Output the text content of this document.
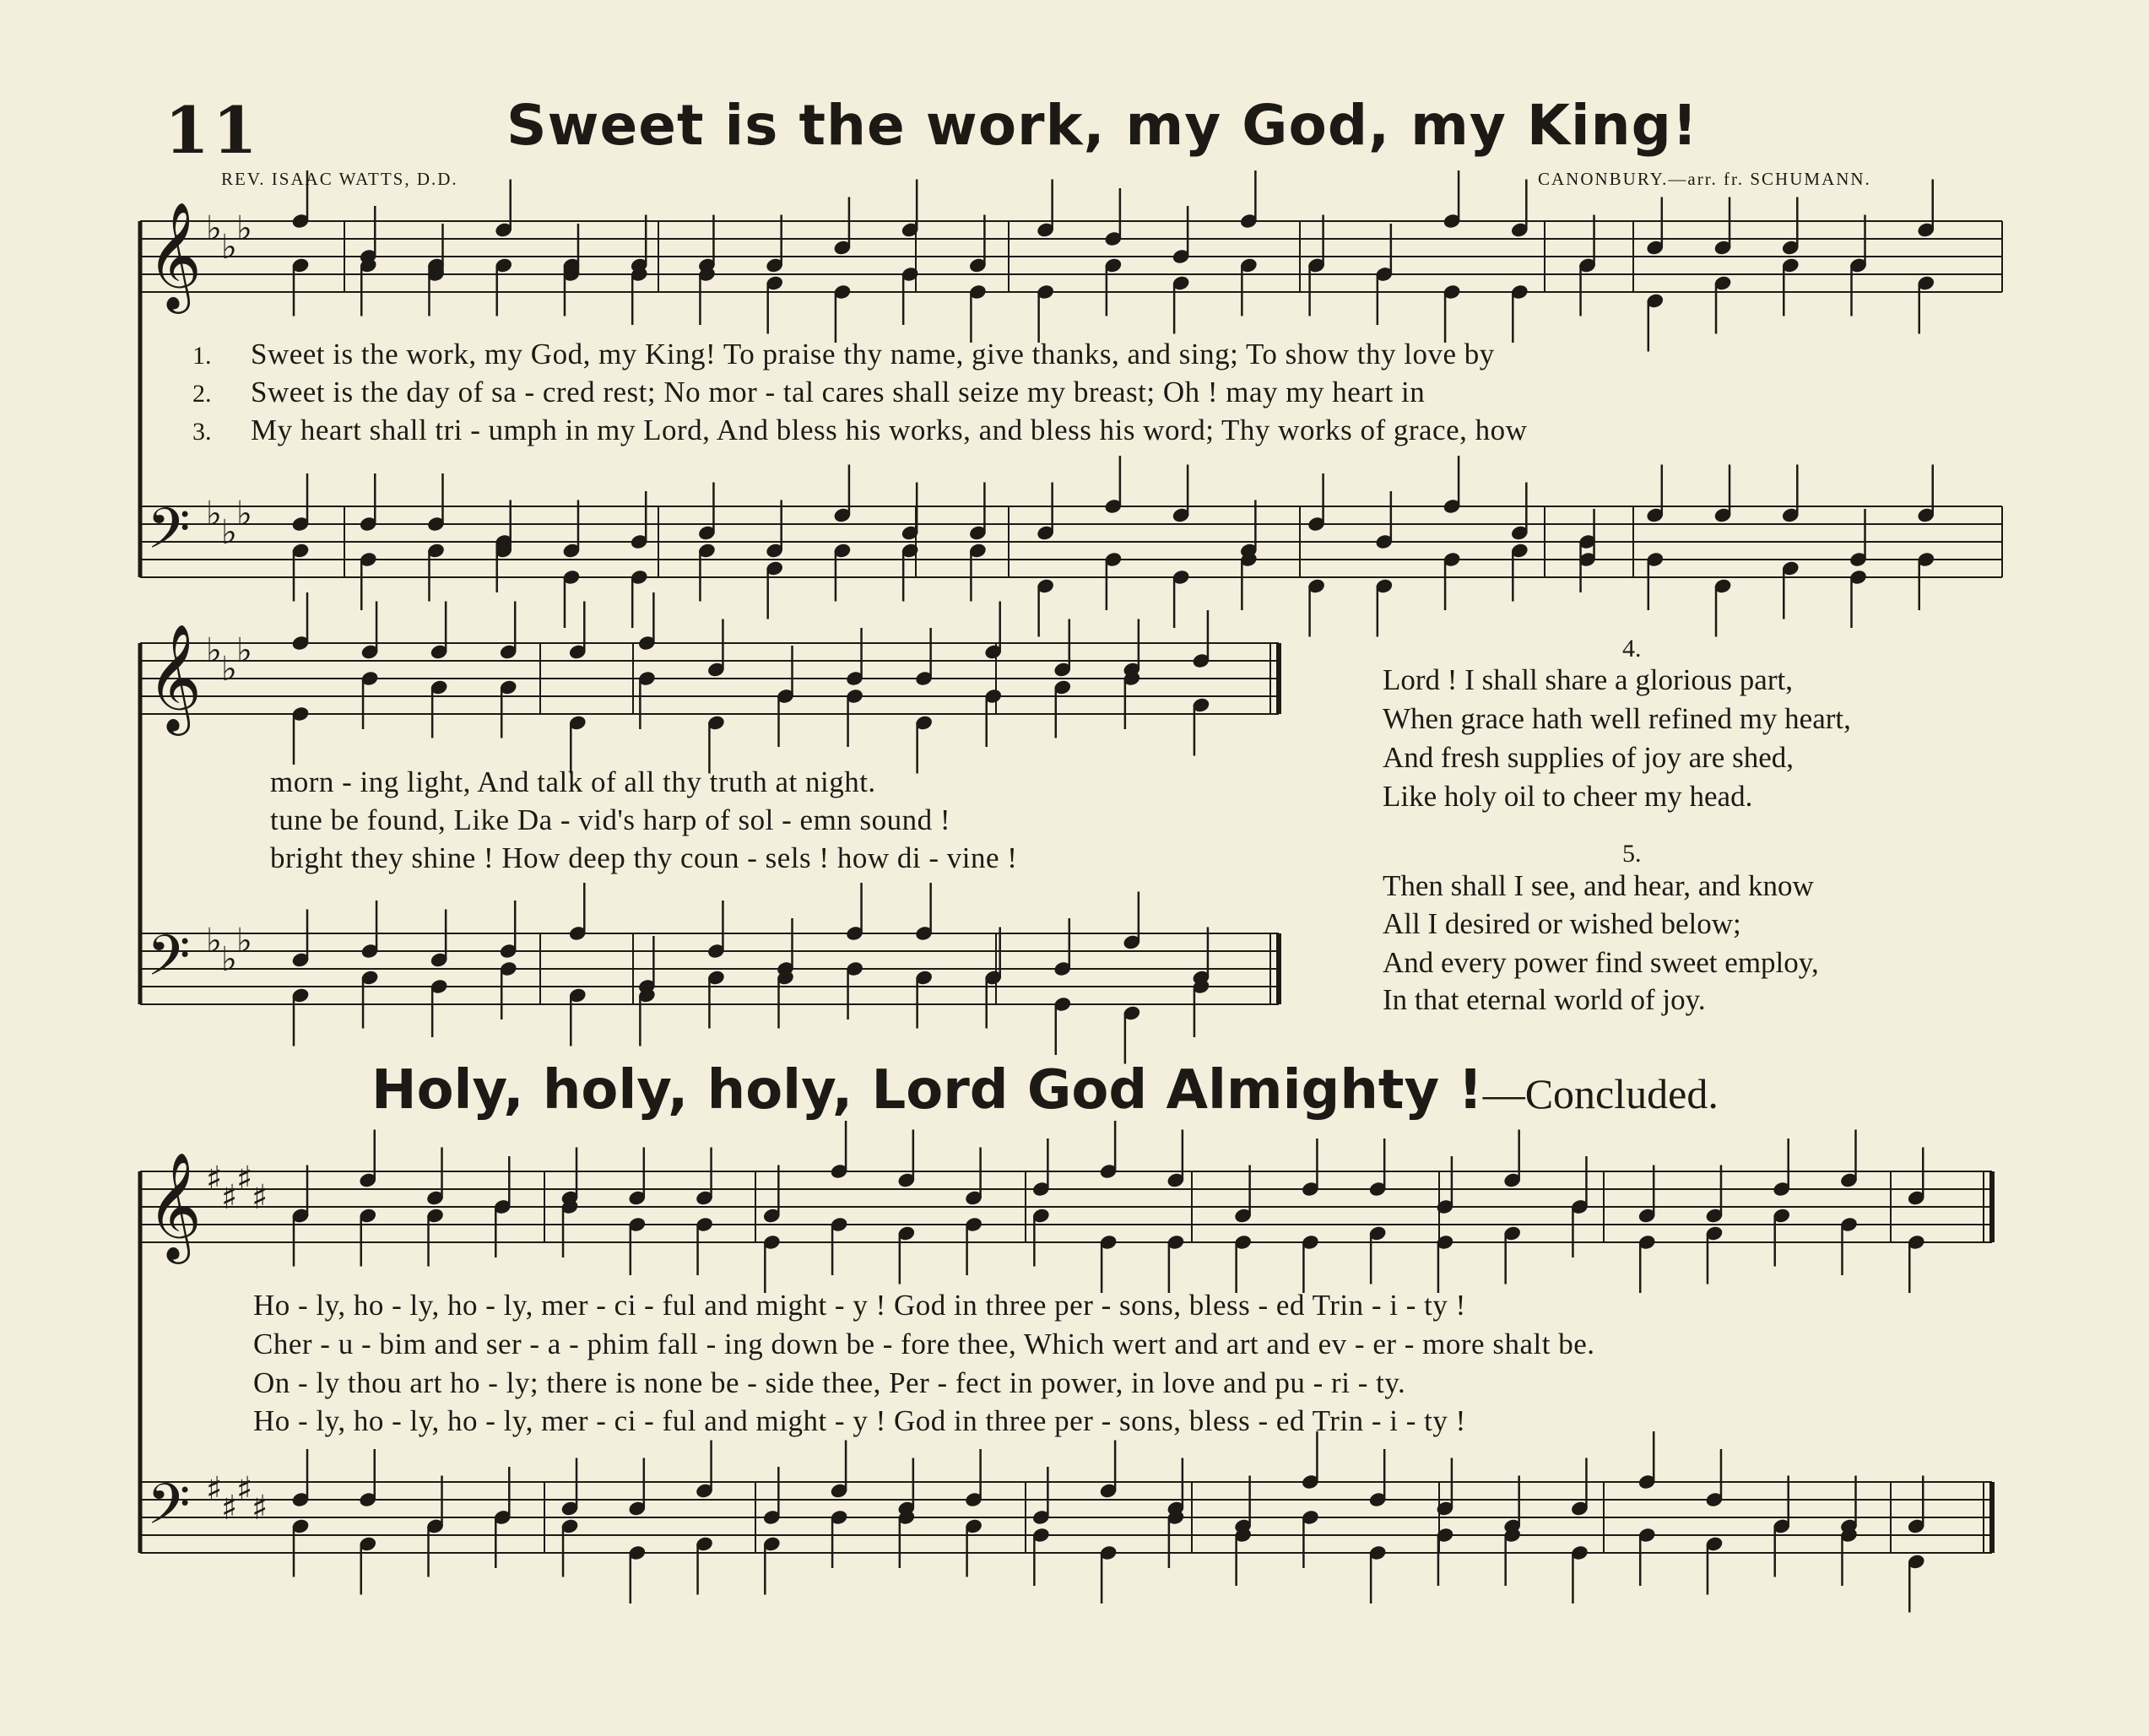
𝄞 ♭ ♭ ♭
𝄢 ♭ ♭ ♭
𝄞 ♭ ♭ ♭
𝄢 ♭ ♭ ♭
𝄞 ♯
♯
♯
♯
𝄢 ♯
♯
♯
♯
11	Sweet is the work, my God, my King!
REV. ISAAC WATTS, D.D.	CANONBURY.—arr. fr. SCHUMANN.
1. Sweet is the work, my God, my King! To praise thy name, give thanks, and sing; To show thy love by
2. Sweet is the day of sa - cred rest; No mor - tal cares shall seize my breast; Oh ! may my heart in
3. My heart shall tri - umph in my Lord, And bless his works, and bless his word; Thy works of grace, how
morn - ing light, And talk of all thy truth at night.
tune be found, Like Da - vid's harp of sol - emn sound !
bright they shine ! How deep thy coun - sels ! how di - vine !
4.
Lord ! I shall share a glorious part,
When grace hath well refined my heart,
And fresh supplies of joy are shed,
Like holy oil to cheer my head.
5.
Then shall I see, and hear, and know
All I desired or wished below;
And every power find sweet employ,
In that eternal world of joy.
Holy, holy, holy, Lord God Almighty !—Concluded.
Ho - ly, ho - ly, ho - ly, mer - ci - ful and might - y ! God in three per - sons, bless - ed Trin - i - ty !
Cher - u - bim and ser - a - phim fall - ing down be - fore thee, Which wert and art and ev - er - more shalt be.
On - ly thou art ho - ly; there is none be - side thee, Per - fect in power, in love and pu - ri - ty.
Ho - ly, ho - ly, ho - ly, mer - ci - ful and might - y ! God in three per - sons, bless - ed Trin - i - ty !
